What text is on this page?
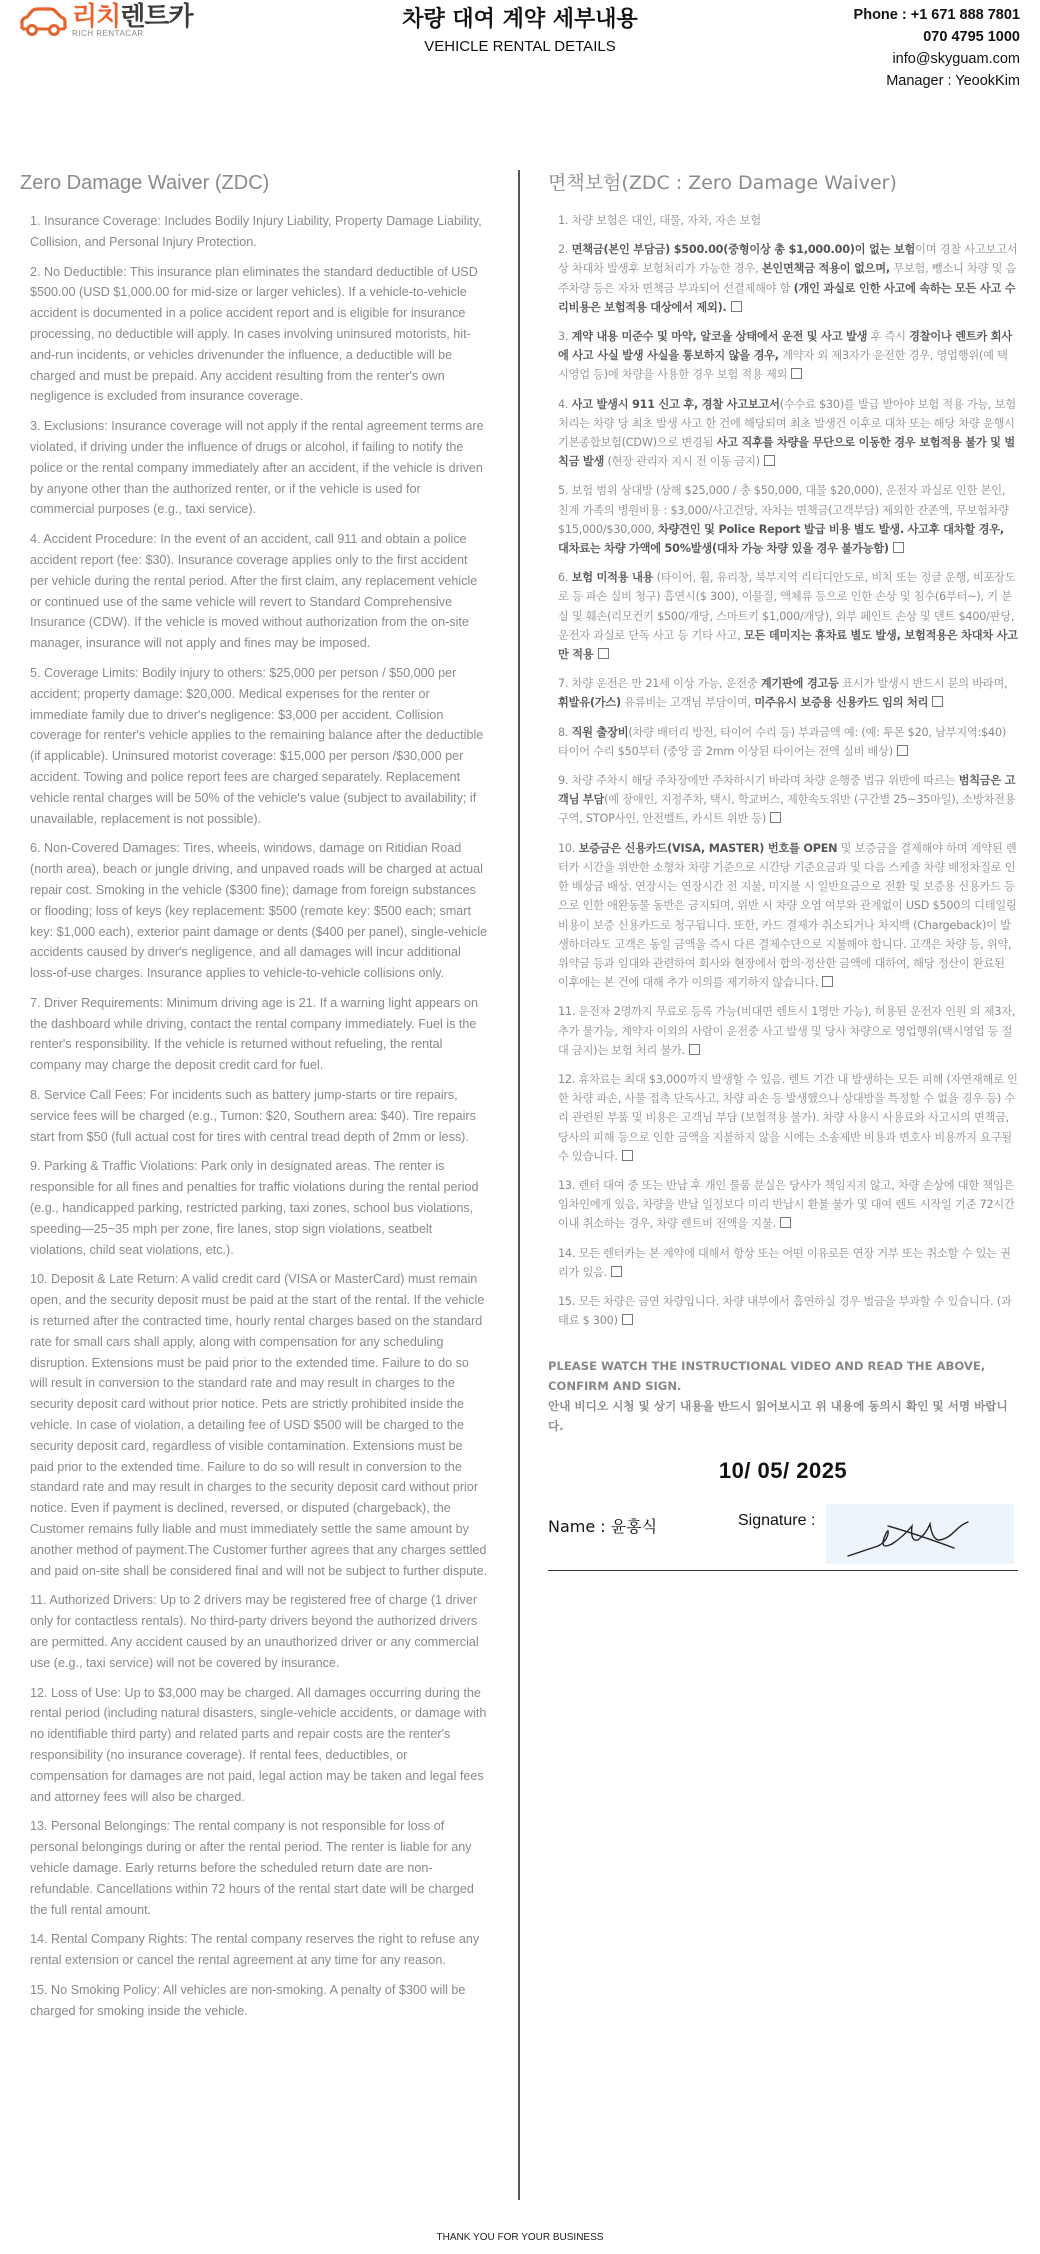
리치렌트카
RICH RENTACAR
차량 대여 계약 세부내용
VEHICLE RENTAL DETAILS
Phone : +1 671 888 7801
070 4795 1000
info@skyguam.com
Manager : YeookKim
Zero Damage Waiver (ZDC)
1. Insurance Coverage: Includes Bodily Injury Liability, Property Damage Liability, Collision, and Personal Injury Protection.
2. No Deductible: This insurance plan eliminates the standard deductible of USD $500.00 (USD $1,000.00 for mid-size or larger vehicles). If a vehicle-to-vehicle accident is documented in a police accident report and is eligible for insurance processing, no deductible will apply. In cases involving uninsured motorists, hit-and-run incidents, or vehicles drivenunder the influence, a deductible will be charged and must be prepaid. Any accident resulting from the renter's own negligence is excluded from insurance coverage.
3. Exclusions: Insurance coverage will not apply if the rental agreement terms are violated, if driving under the influence of drugs or alcohol, if failing to notify the police or the rental company immediately after an accident, if the vehicle is driven by anyone other than the authorized renter, or if the vehicle is used for commercial purposes (e.g., taxi service).
4. Accident Procedure: In the event of an accident, call 911 and obtain a police accident report (fee: $30). Insurance coverage applies only to the first accident per vehicle during the rental period. After the first claim, any replacement vehicle or continued use of the same vehicle will revert to Standard Comprehensive Insurance (CDW). If the vehicle is moved without authorization from the on-site manager, insurance will not apply and fines may be imposed.
5. Coverage Limits: Bodily injury to others: $25,000 per person / $50,000 per accident; property damage: $20,000. Medical expenses for the renter or immediate family due to driver's negligence: $3,000 per accident. Collision coverage for renter's vehicle applies to the remaining balance after the deductible (if applicable). Uninsured motorist coverage: $15,000 per person /$30,000 per accident. Towing and police report fees are charged separately. Replacement vehicle rental charges will be 50% of the vehicle's value (subject to availability; if unavailable, replacement is not possible).
6. Non-Covered Damages: Tires, wheels, windows, damage on Ritidian Road (north area), beach or jungle driving, and unpaved roads will be charged at actual repair cost. Smoking in the vehicle ($300 fine); damage from foreign substances or flooding; loss of keys (key replacement: $500 (remote key: $500 each; smart key: $1,000 each), exterior paint damage or dents ($400 per panel), single-vehicle accidents caused by driver's negligence, and all damages will incur additional loss-of-use charges. Insurance applies to vehicle-to-vehicle collisions only.
7. Driver Requirements: Minimum driving age is 21. If a warning light appears on the dashboard while driving, contact the rental company immediately. Fuel is the renter's responsibility. If the vehicle is returned without refueling, the rental company may charge the deposit credit card for fuel.
8. Service Call Fees: For incidents such as battery jump-starts or tire repairs, service fees will be charged (e.g., Tumon: $20, Southern area: $40). Tire repairs start from $50 (full actual cost for tires with central tread depth of 2mm or less).
9. Parking & Traffic Violations: Park only in designated areas. The renter is responsible for all fines and penalties for traffic violations during the rental period (e.g., handicapped parking, restricted parking, taxi zones, school bus violations, speeding—25~35 mph per zone, fire lanes, stop sign violations, seatbelt violations, child seat violations, etc.).
10. Deposit & Late Return: A valid credit card (VISA or MasterCard) must remain open, and the security deposit must be paid at the start of the rental. If the vehicle is returned after the contracted time, hourly rental charges based on the standard rate for small cars shall apply, along with compensation for any scheduling disruption. Extensions must be paid prior to the extended time. Failure to do so will result in conversion to the standard rate and may result in charges to the security deposit card without prior notice. Pets are strictly prohibited inside the vehicle. In case of violation, a detailing fee of USD $500 will be charged to the security deposit card, regardless of visible contamination. Extensions must be paid prior to the extended time. Failure to do so will result in conversion to the standard rate and may result in charges to the security deposit card without prior notice. Even if payment is declined, reversed, or disputed (chargeback), the Customer remains fully liable and must immediately settle the same amount by another method of payment.The Customer further agrees that any charges settled and paid on-site shall be considered final and will not be subject to further dispute.
11. Authorized Drivers: Up to 2 drivers may be registered free of charge (1 driver only for contactless rentals). No third-party drivers beyond the authorized drivers are permitted. Any accident caused by an unauthorized driver or any commercial use (e.g., taxi service) will not be covered by insurance.
12. Loss of Use: Up to $3,000 may be charged. All damages occurring during the rental period (including natural disasters, single-vehicle accidents, or damage with no identifiable third party) and related parts and repair costs are the renter's responsibility (no insurance coverage). If rental fees, deductibles, or compensation for damages are not paid, legal action may be taken and legal fees and attorney fees will also be charged.
13. Personal Belongings: The rental company is not responsible for loss of personal belongings during or after the rental period. The renter is liable for any vehicle damage. Early returns before the scheduled return date are non-refundable. Cancellations within 72 hours of the rental start date will be charged the full rental amount.
14. Rental Company Rights: The rental company reserves the right to refuse any rental extension or cancel the rental agreement at any time for any reason.
15. No Smoking Policy: All vehicles are non-smoking. A penalty of $300 will be charged for smoking inside the vehicle.
면책보험(ZDC : Zero Damage Waiver)
1. 차량 보험은 대인, 대물, 자차, 자손 보험
2. 면책금(본인 부담금) $500.00(중형이상 총 $1,000.00)이 없는 보험이며 경찰 사고보고서 상 차대차 발생후 보험처리가 가능한 경우, 본인면책금 적용이 없으며, 무보험, 뺑소니 차량 및 음주차량 등은 자차 면책금 부과되어 선결제해야 함 (개인 과실로 인한 사고에 속하는 모든 사고 수리비용은 보험적용 대상에서 제외).
3. 계약 내용 미준수 및 마약, 알코올 상태에서 운전 및 사고 발생 후 즉시 경찰이나 렌트카 회사에 사고 사실 발생 사실을 통보하지 않을 경우, 계약자 외 제3자가 운전한 경우, 영업행위(예 택시영업 등)에 차량을 사용한 경우 보험 적용 제외
4. 사고 발생시 911 신고 후, 경찰 사고보고서(수수료 $30)를 발급 받아야 보험 적용 가능, 보험처리는 차량 당 최초 발생 사고 한 건에 해당되며 최초 발생건 이후로 대차 또는 해당 차량 운행시 기본종합보험(CDW)으로 변경됨 사고 직후를 차량을 무단으로 이동한 경우 보험적용 불가 및 벌칙금 발생 (현장 관리자 지시 전 이동 금지)
5. 보험 범위 상대방 (상해 $25,000 / 총 $50,000, 대물 $20,000), 운전자 과실로 인한 본인, 친계 가족의 병원비용 : $3,000/사고건당, 자차는 면책금(고객부담) 제외한 잔존액, 무보험차량 $15,000/$30,000, 차량견인 및 Police Report 발급 비용 별도 발생. 사고후 대차할 경우, 대차료는 차량 가액에 50%발생(대차 가능 차량 있을 경우 불가능함)
6. 보험 미적용 내용 (타이어, 휠, 유리창, 북부지역 리티디안도로, 비치 또는 정글 운행, 비포장도로 등 파손 실비 청구) 흡연시($ 300), 이물질, 액체류 등으로 인한 손상 및 침수(6부터~), 키 분실 및 훼손(리모컨키 $500/개당, 스마트키 $1,000/개당), 외부 페인트 손상 및 덴트 $400/판당, 운전자 과실로 단독 사고 등 기타 사고, 모든 데미지는 휴차료 별도 발생, 보험적용은 차대차 사고만 적용
7. 차량 운전은 만 21세 이상 가능, 운전중 계기판에 경고등 표시가 발생시 반드시 문의 바라며, 휘발유(가스) 유류비는 고객님 부담이며, 미주유시 보증용 신용카드 임의 처리
8. 직원 출장비(차량 배터리 방전, 타이어 수리 등) 부과금액 예: (예: 투몬 $20, 남부지역:$40) 타이어 수리 $50부터 (중앙 골 2mm 이상된 타이어는 전액 실비 배상)
9. 차량 주차시 해당 주차장에만 주차하시기 바라며 차량 운행중 법규 위반에 따르는 범칙금은 고객님 부담(예 장애인, 지정주차, 택시, 학교버스, 제한속도위반 (구간별 25~35마일), 소방차전용구역, STOP사인, 안전벨트, 카시트 위반 등)
10. 보증금은 신용카드(VISA, MASTER) 번호를 OPEN 및 보증금을 결제해야 하며 계약된 렌터카 시간을 위반한 소형차 차량 기준으로 시간당 기준요금과 및 다음 스케줄 차량 배정차질로 인한 배상금 배상. 연장시는 연장시간 전 지불, 미지불 시 일반요금으로 전환 및 보증용 신용카드 등으로 인한 애완동물 동반은 금지되며, 위반 시 차량 오염 여부와 관계없이 USD $500의 디테일링 비용이 보증 신용카드로 청구됩니다. 또한, 카드 결제가 취소되거나 차지백 (Chargeback)이 발생하더라도 고객은 동일 금액을 즉시 다른 결제수단으로 지불해야 합니다. 고객은 차량 등, 위약, 위약금 등과 임대와 관련하여 회사와 현장에서 합의·정산한 금액에 대하여, 해당 정산이 완료된 이후에는 본 건에 대해 추가 이의를 제기하지 않습니다.
11. 운전자 2명까지 무료로 등록 가능(비대면 렌트시 1명만 가능), 허용된 운전자 인원 외 제3자, 추가 불가능, 계약자 이외의 사람이 운전중 사고 발생 및 당사 차량으로 영업행위(택시영업 등 절대 금지)는 보험 처리 불가.
12. 휴차료는 최대 $3,000까지 발생할 수 있음. 렌트 기간 내 발생하는 모든 피해 (자연재해로 인한 차량 파손, 사물 접촉 단독사고, 차량 파손 등 발생했으나 상대방을 특정할 수 없을 경우 등) 수리 관련된 부품 및 비용은 고객님 부담 (보험적용 불가). 차량 사용시 사용료와 사고시의 면책금, 당사의 피해 등으로 인한 금액을 지불하지 않을 시에는 소송제반 비용과 변호사 비용까지 요구될 수 있습니다.
13. 렌터 대여 중 또는 반납 후 개인 물품 분실은 당사가 책임지지 않고, 차량 손상에 대한 책임은 임차인에게 있음, 차량을 반납 일정보다 미리 반납시 환불 불가 및 대여 렌트 시작일 기준 72시간 이내 취소하는 경우, 차량 렌트비 전액을 지불.
14. 모든 렌터카는 본 계약에 대해서 항상 또는 어떤 이유로든 연장 거부 또는 취소할 수 있는 권리가 있음.
15. 모든 차량은 금연 차량입니다. 차량 내부에서 흡연하실 경우 벌금을 부과할 수 있습니다. (과태료 $ 300)
PLEASE WATCH THE INSTRUCTIONAL VIDEO AND READ THE ABOVE, CONFIRM AND SIGN.
안내 비디오 시청 및 상기 내용을 반드시 읽어보시고 위 내용에 동의시 확인 및 서명 바랍니다.
10/ 05/ 2025
Name : 윤홍식	Signature :
THANK YOU FOR YOUR BUSINESS
